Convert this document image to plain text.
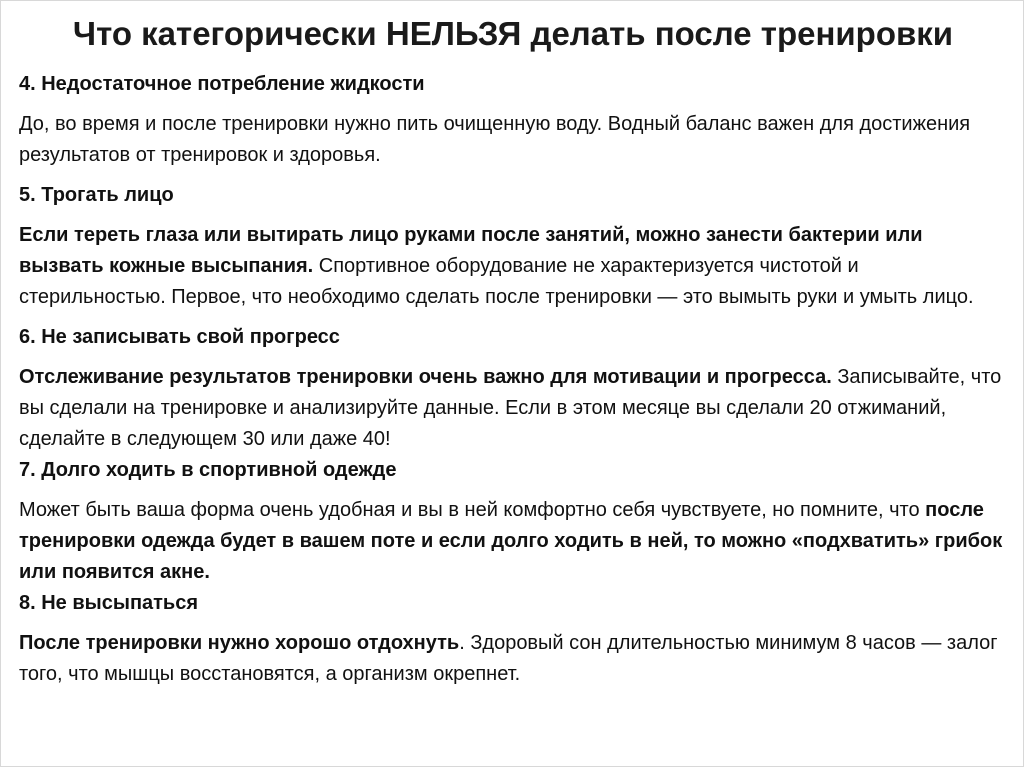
Что категорически НЕЛЬЗЯ делать после тренировки
4. Недостаточное потребление жидкости
До, во время и после тренировки нужно пить очищенную воду. Водный баланс важен для достижения результатов от тренировок и здоровья.
5. Трогать лицо
Если тереть глаза или вытирать лицо руками после занятий, можно занести бактерии или вызвать кожные высыпания. Спортивное оборудование не характеризуется чистотой и стерильностью. Первое, что необходимо сделать после тренировки — это вымыть руки и умыть лицо.
6. Не записывать свой прогресс
Отслеживание результатов тренировки очень важно для мотивации и прогресса. Записывайте, что вы сделали на тренировке и анализируйте данные. Если в этом месяце вы сделали 20 отжиманий, сделайте в следующем 30 или даже 40!
7. Долго ходить в спортивной одежде
Может быть ваша форма очень удобная и вы в ней комфортно себя чувствуете, но помните, что после тренировки одежда будет в вашем поте и если долго ходить в ней, то можно «подхватить» грибок или появится акне.
8. Не высыпаться
После тренировки нужно хорошо отдохнуть. Здоровый сон длительностью минимум 8 часов — залог того, что мышцы восстановятся, а организм окрепнет.
